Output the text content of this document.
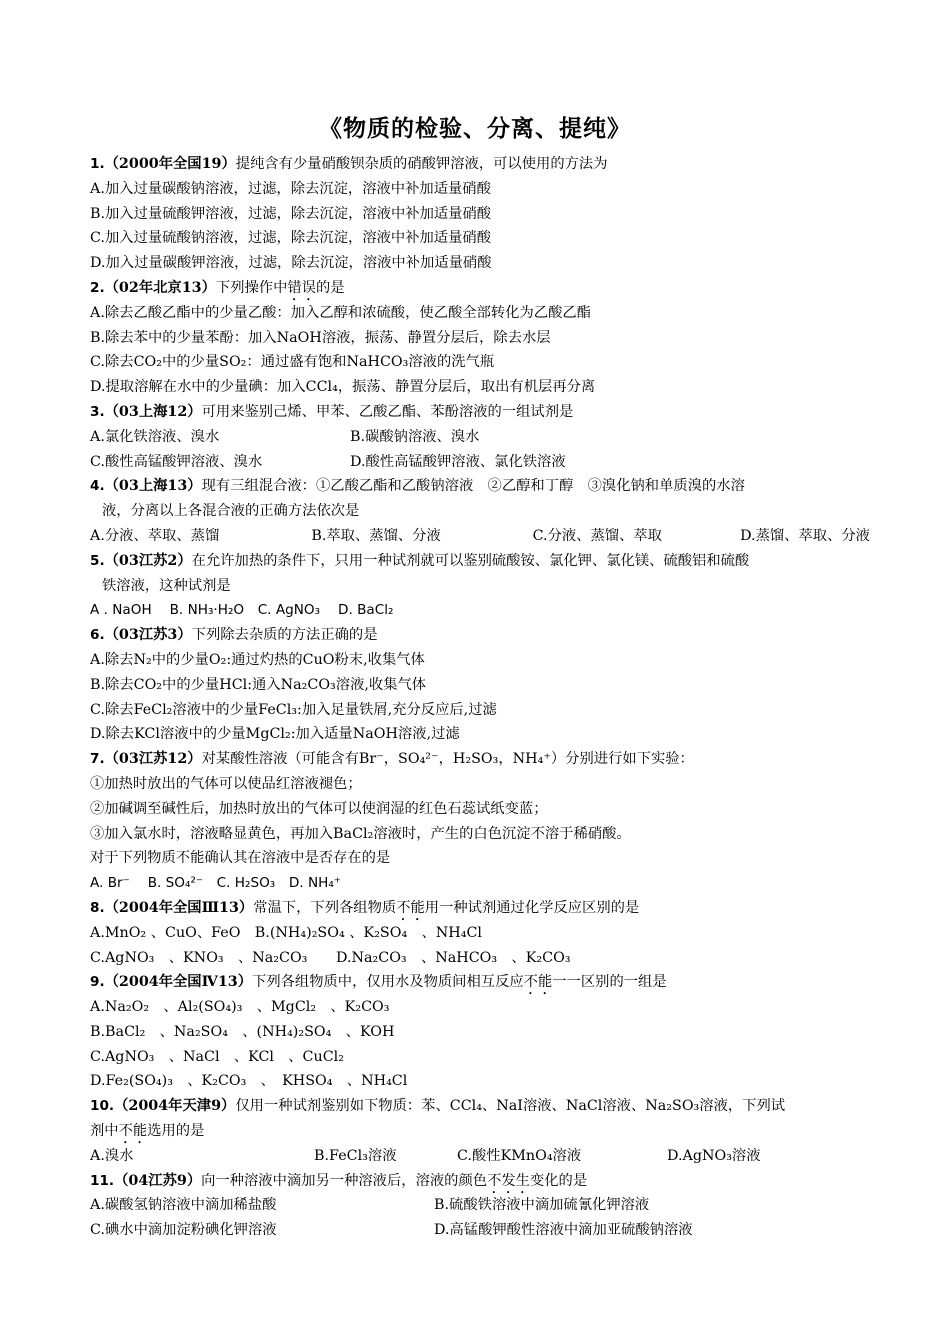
《物质的检验、分离、提纯》
1.（2000年全国19）提纯含有少量硝酸钡杂质的硝酸钾溶液，可以使用的方法为
A.加入过量碳酸钠溶液，过滤，除去沉淀，溶液中补加适量硝酸
B.加入过量硫酸钾溶液，过滤，除去沉淀，溶液中补加适量硝酸
C.加入过量硫酸钠溶液，过滤，除去沉淀，溶液中补加适量硝酸
D.加入过量碳酸钾溶液，过滤，除去沉淀，溶液中补加适量硝酸
2.（02年北京13）下列操作中错误的是
A.除去乙酸乙酯中的少量乙酸：加入乙醇和浓硫酸，使乙酸全部转化为乙酸乙酯
B.除去苯中的少量苯酚：加入NaOH溶液，振荡、静置分层后，除去水层
C.除去CO₂中的少量SO₂：通过盛有饱和NaHCO₃溶液的洗气瓶
D.提取溶解在水中的少量碘：加入CCl₄，振荡、静置分层后，取出有机层再分离
3.（03上海12）可用来鉴别己烯、甲苯、乙酸乙酯、苯酚溶液的一组试剂是
A.氯化铁溶液、溴水	B.碳酸钠溶液、溴水
C.酸性高锰酸钾溶液、溴水	D.酸性高锰酸钾溶液、氯化铁溶液
4.（03上海13）现有三组混合液：①乙酸乙酯和乙酸钠溶液　②乙醇和丁醇　③溴化钠和单质溴的水溶
液，分离以上各混合液的正确方法依次是
A.分液、萃取、蒸馏	B.萃取、蒸馏、分液	C.分液、蒸馏、萃取	D.蒸馏、萃取、分液
5.（03江苏2）在允许加热的条件下，只用一种试剂就可以鉴别硫酸铵、氯化钾、氯化镁、硫酸铝和硫酸
铁溶液，这种试剂是
A . NaOH　 B. NH₃·H₂O　C. AgNO₃　 D. BaCl₂
6.（03江苏3）下列除去杂质的方法正确的是
A.除去N₂中的少量O₂:通过灼热的CuO粉末,收集气体
B.除去CO₂中的少量HCl:通入Na₂CO₃溶液,收集气体
C.除去FeCl₂溶液中的少量FeCl₃:加入足量铁屑,充分反应后,过滤
D.除去KCl溶液中的少量MgCl₂:加入适量NaOH溶液,过滤
7.（03江苏12）对某酸性溶液（可能含有Br⁻，SO₄²⁻，H₂SO₃，NH₄⁺）分别进行如下实验：
①加热时放出的气体可以使品红溶液褪色；
②加碱调至碱性后，加热时放出的气体可以使润湿的红色石蕊试纸变蓝；
③加入氯水时，溶液略显黄色，再加入BaCl₂溶液时，产生的白色沉淀不溶于稀硝酸。
对于下列物质不能确认其在溶液中是否存在的是
A. Br⁻　 B. SO₄²⁻　C. H₂SO₃　D. NH₄⁺
8.（2004年全国Ⅲ13）常温下，下列各组物质不能用一种试剂通过化学反应区别的是
A.MnO₂ 、CuO、FeO　B.(NH₄)₂SO₄ 、K₂SO₄　、NH₄Cl
C.AgNO₃　、KNO₃　、Na₂CO₃　　D.Na₂CO₃　、NaHCO₃　、K₂CO₃
9.（2004年全国Ⅳ13）下列各组物质中，仅用水及物质间相互反应不能一一区别的一组是
A.Na₂O₂　、Al₂(SO₄)₃　、MgCl₂　、K₂CO₃
B.BaCl₂　、Na₂SO₄　、(NH₄)₂SO₄　、KOH
C.AgNO₃　、NaCl　、KCl　、CuCl₂
D.Fe₂(SO₄)₃　、K₂CO₃　、　KHSO₄　、NH₄Cl
10.（2004年天津9）仅用一种试剂鉴别如下物质：苯、CCl₄、NaI溶液、NaCl溶液、Na₂SO₃溶液，下列试
剂中不能选用的是
A.溴水	B.FeCl₃溶液	C.酸性KMnO₄溶液	D.AgNO₃溶液
11.（04江苏9）向一种溶液中滴加另一种溶液后，溶液的颜色不发生变化的是
A.碳酸氢钠溶液中滴加稀盐酸	B.硫酸铁溶液中滴加硫氰化钾溶液
C.碘水中滴加淀粉碘化钾溶液	D.高锰酸钾酸性溶液中滴加亚硫酸钠溶液
